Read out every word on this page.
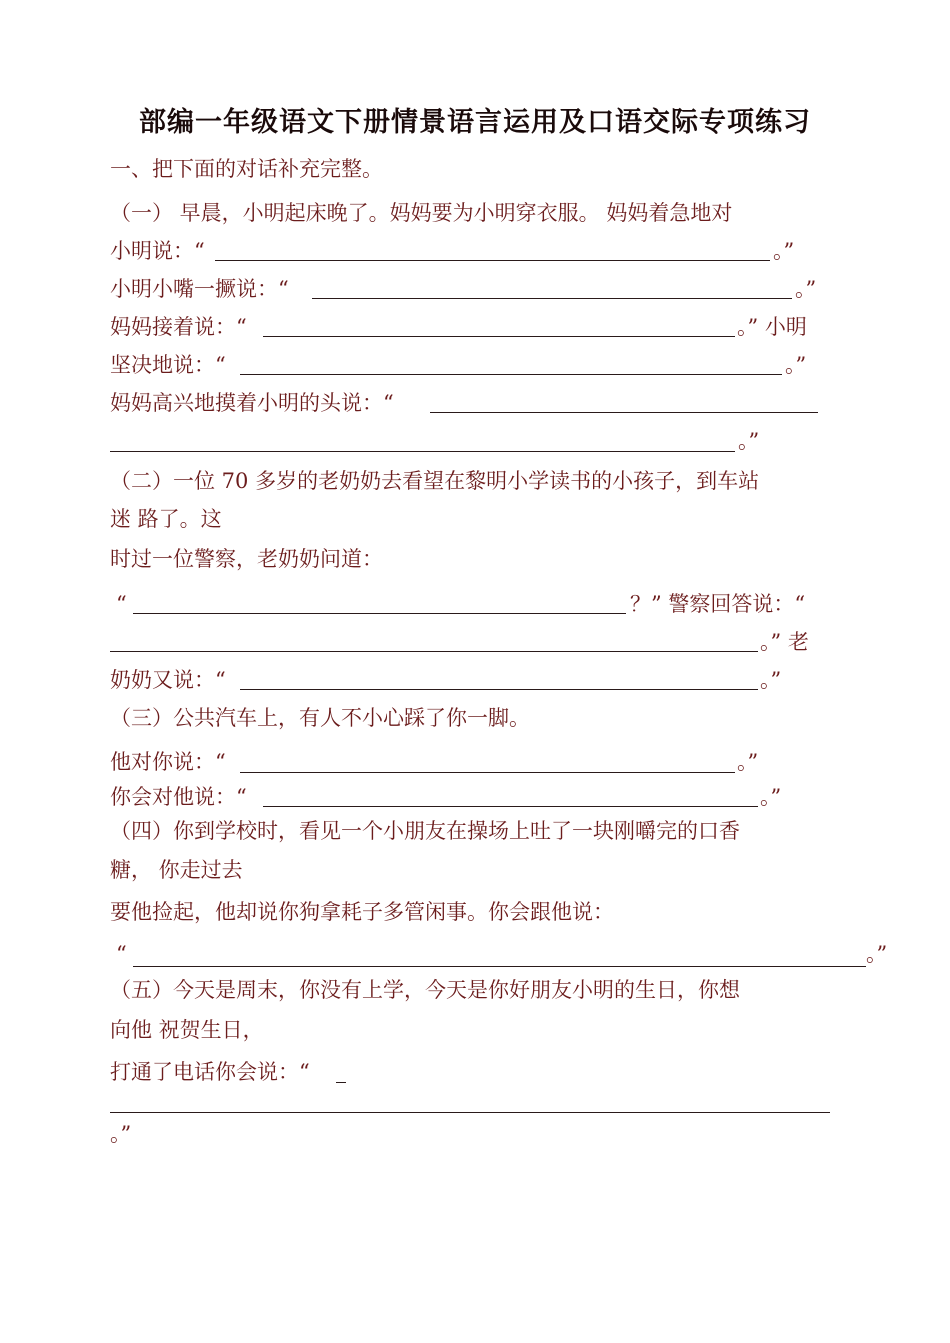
部编一年级语文下册情景语言运用及口语交际专项练习
一、把下面的对话补充完整。
（一） 早晨，小明起床晚了。妈妈要为小明穿衣服。 妈妈着急地对
小明说：“	。”
小明小嘴一撅说：“	。”
妈妈接着说：“	。” 小明
坚决地说：“	。”
妈妈高兴地摸着小明的头说：“
。”
（二）一位 70 多岁的老奶奶去看望在黎明小学读书的小孩子，到车站
迷 路了。这
时过一位警察，老奶奶问道：
“	？” 警察回答说：“
。” 老
奶奶又说：“	。”
（三）公共汽车上，有人不小心踩了你一脚。
他对你说：“	。”
你会对他说：“	。”
（四）你到学校时，看见一个小朋友在操场上吐了一块刚嚼完的口香
糖， 你走过去
要他捡起，他却说你狗拿耗子多管闲事。你会跟他说：
“	。”
（五）今天是周末，你没有上学，今天是你好朋友小明的生日，你想
向他 祝贺生日，
打通了电话你会说：“
。”
